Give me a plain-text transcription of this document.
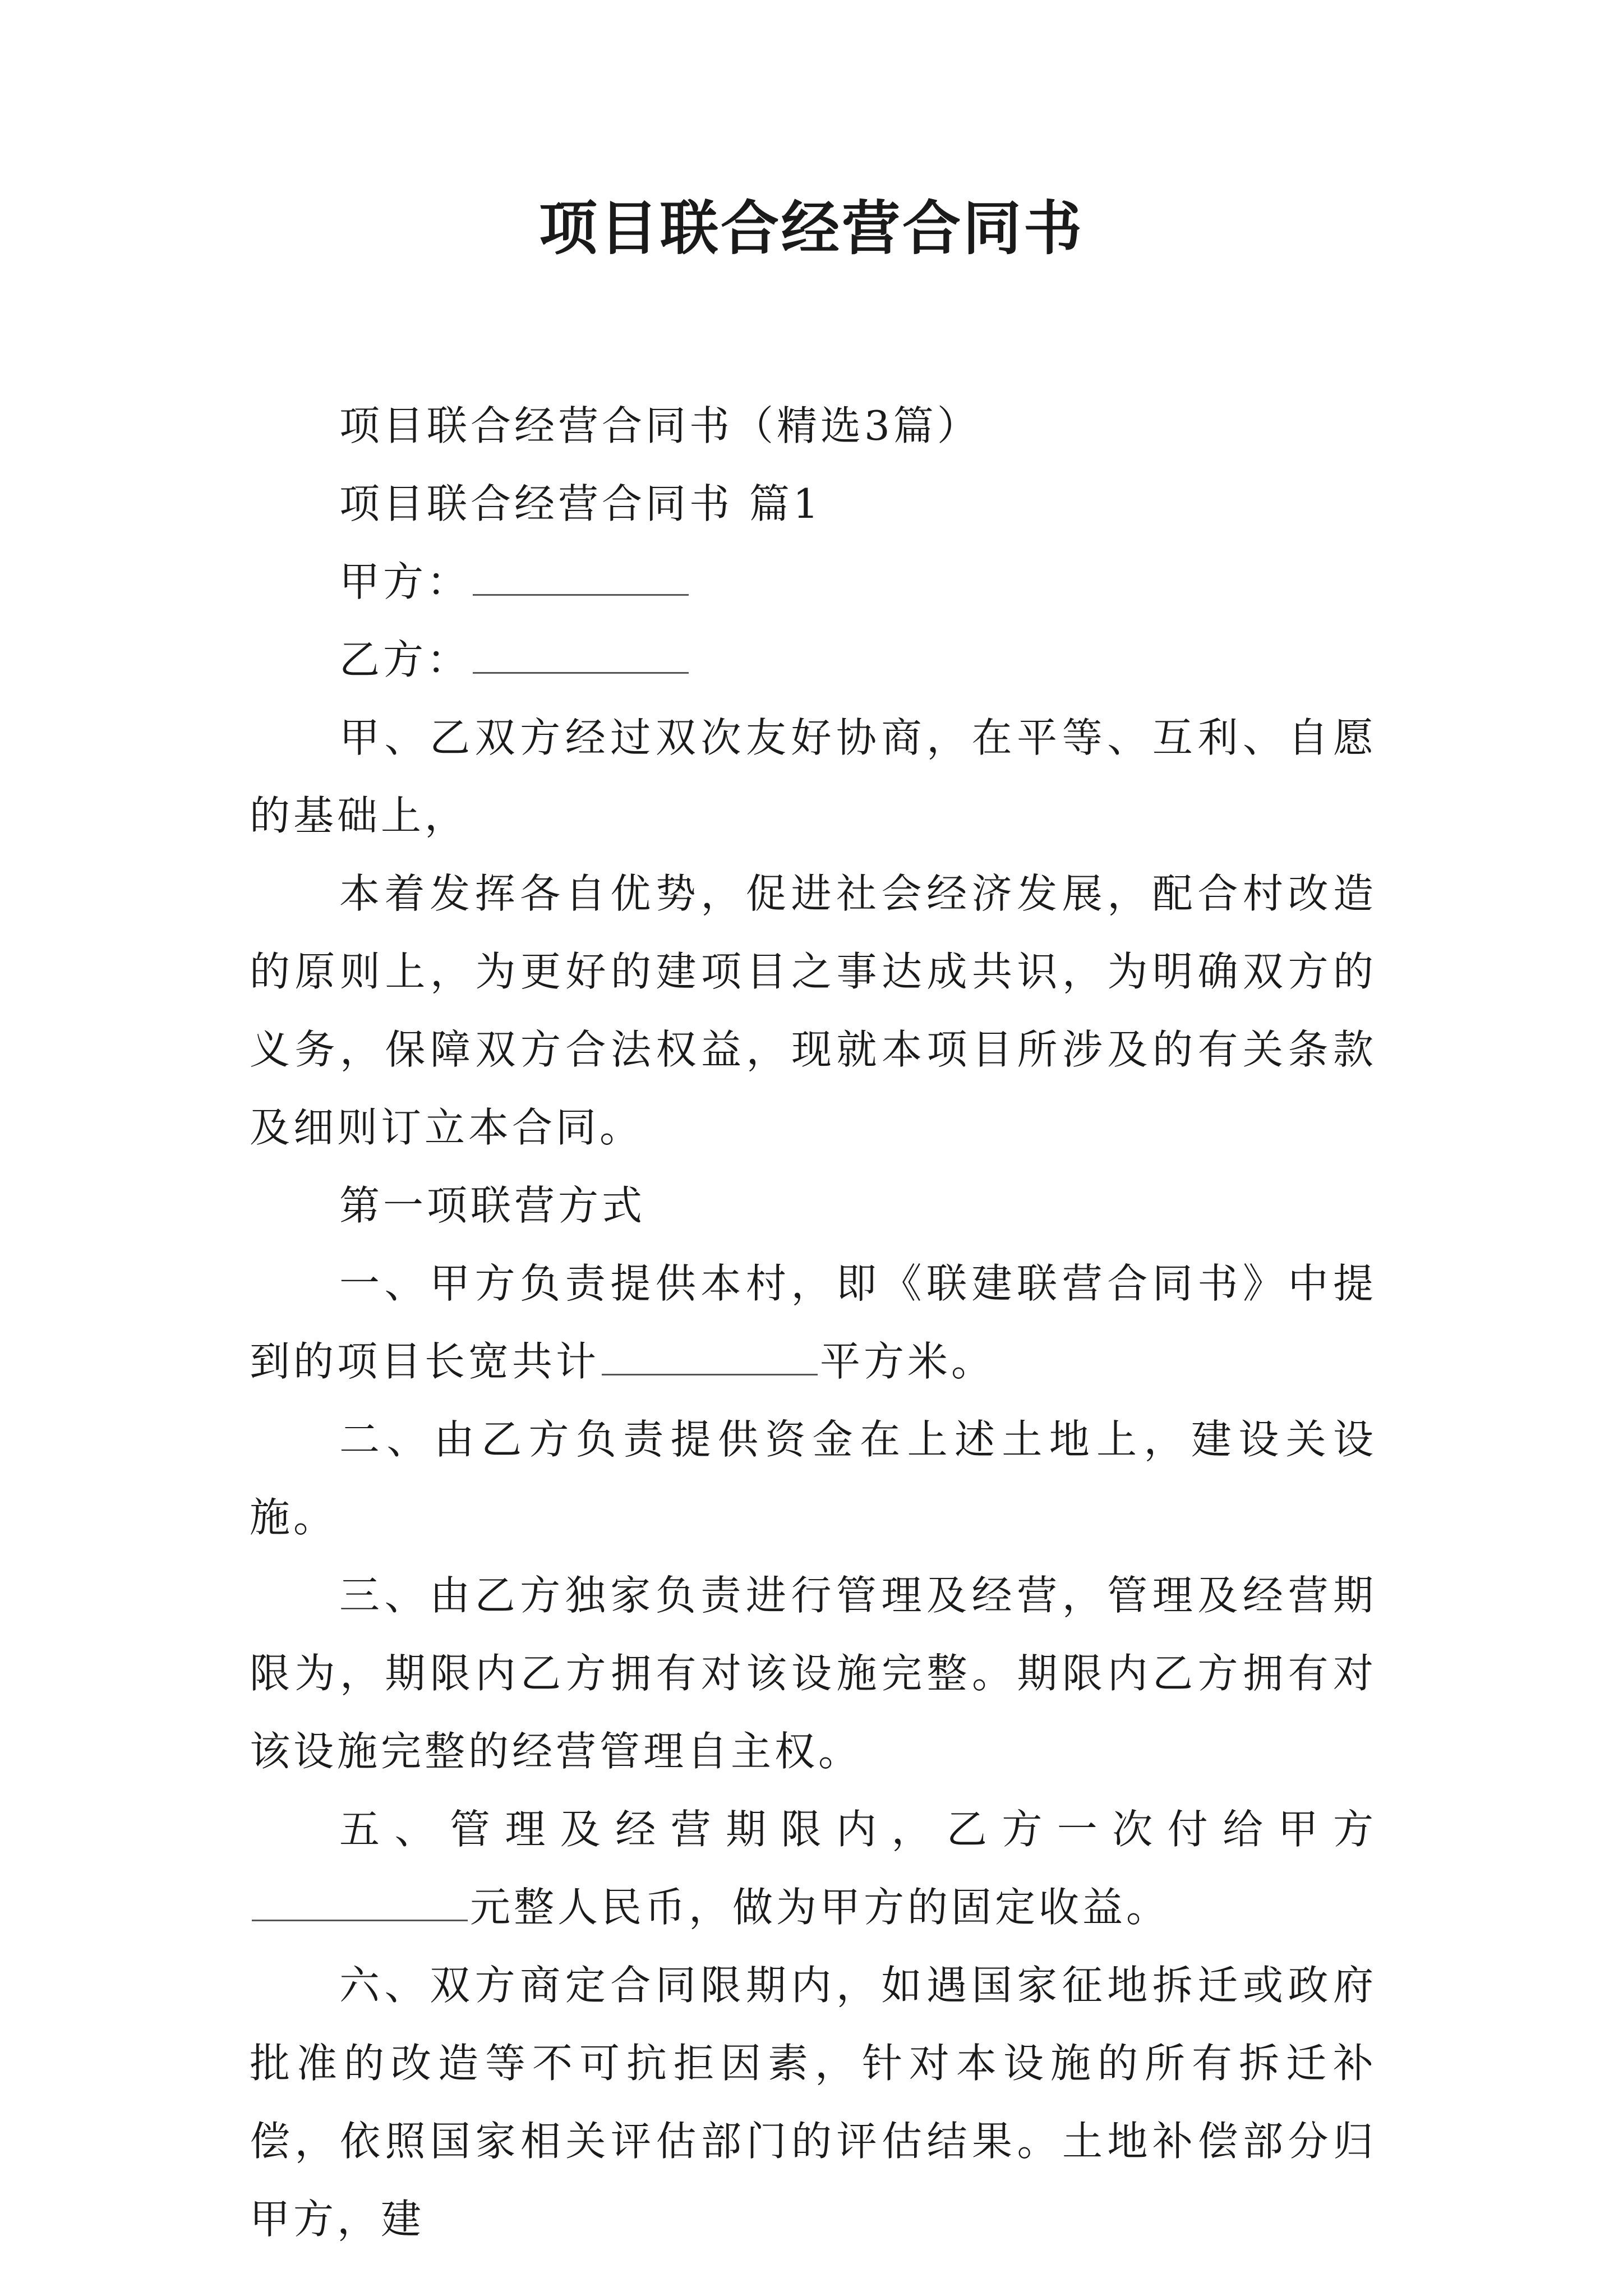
项目联合经营合同书

项目联合经营合同书（精选3篇）

项目联合经营合同书 篇1

甲方：

乙方：

甲、乙双方经过双次友好协商，在平等、互利、自愿的基础上，

本着发挥各自优势，促进社会经济发展，配合村改造的原则上，为更好的建项目之事达成共识，为明确双方的义务，保障双方合法权益，现就本项目所涉及的有关条款及细则订立本合同。

第一项联营方式

一、甲方负责提供本村，即《联建联营合同书》中提到的项目长宽共计	平方米。

二、由乙方负责提供资金在上述土地上，建设关设施。

三、由乙方独家负责进行管理及经营，管理及经营期限为，期限内乙方拥有对该设施完整。期限内乙方拥有对该设施完整的经营管理自主权。

五、管理及经营期限内，乙方一次付给甲方元整人民币，做为甲方的固定收益。

六、双方商定合同限期内，如遇国家征地拆迁或政府批准的改造等不可抗拒因素，针对本设施的所有拆迁补偿，依照国家相关评估部门的评估结果。土地补偿部分归甲方，建
